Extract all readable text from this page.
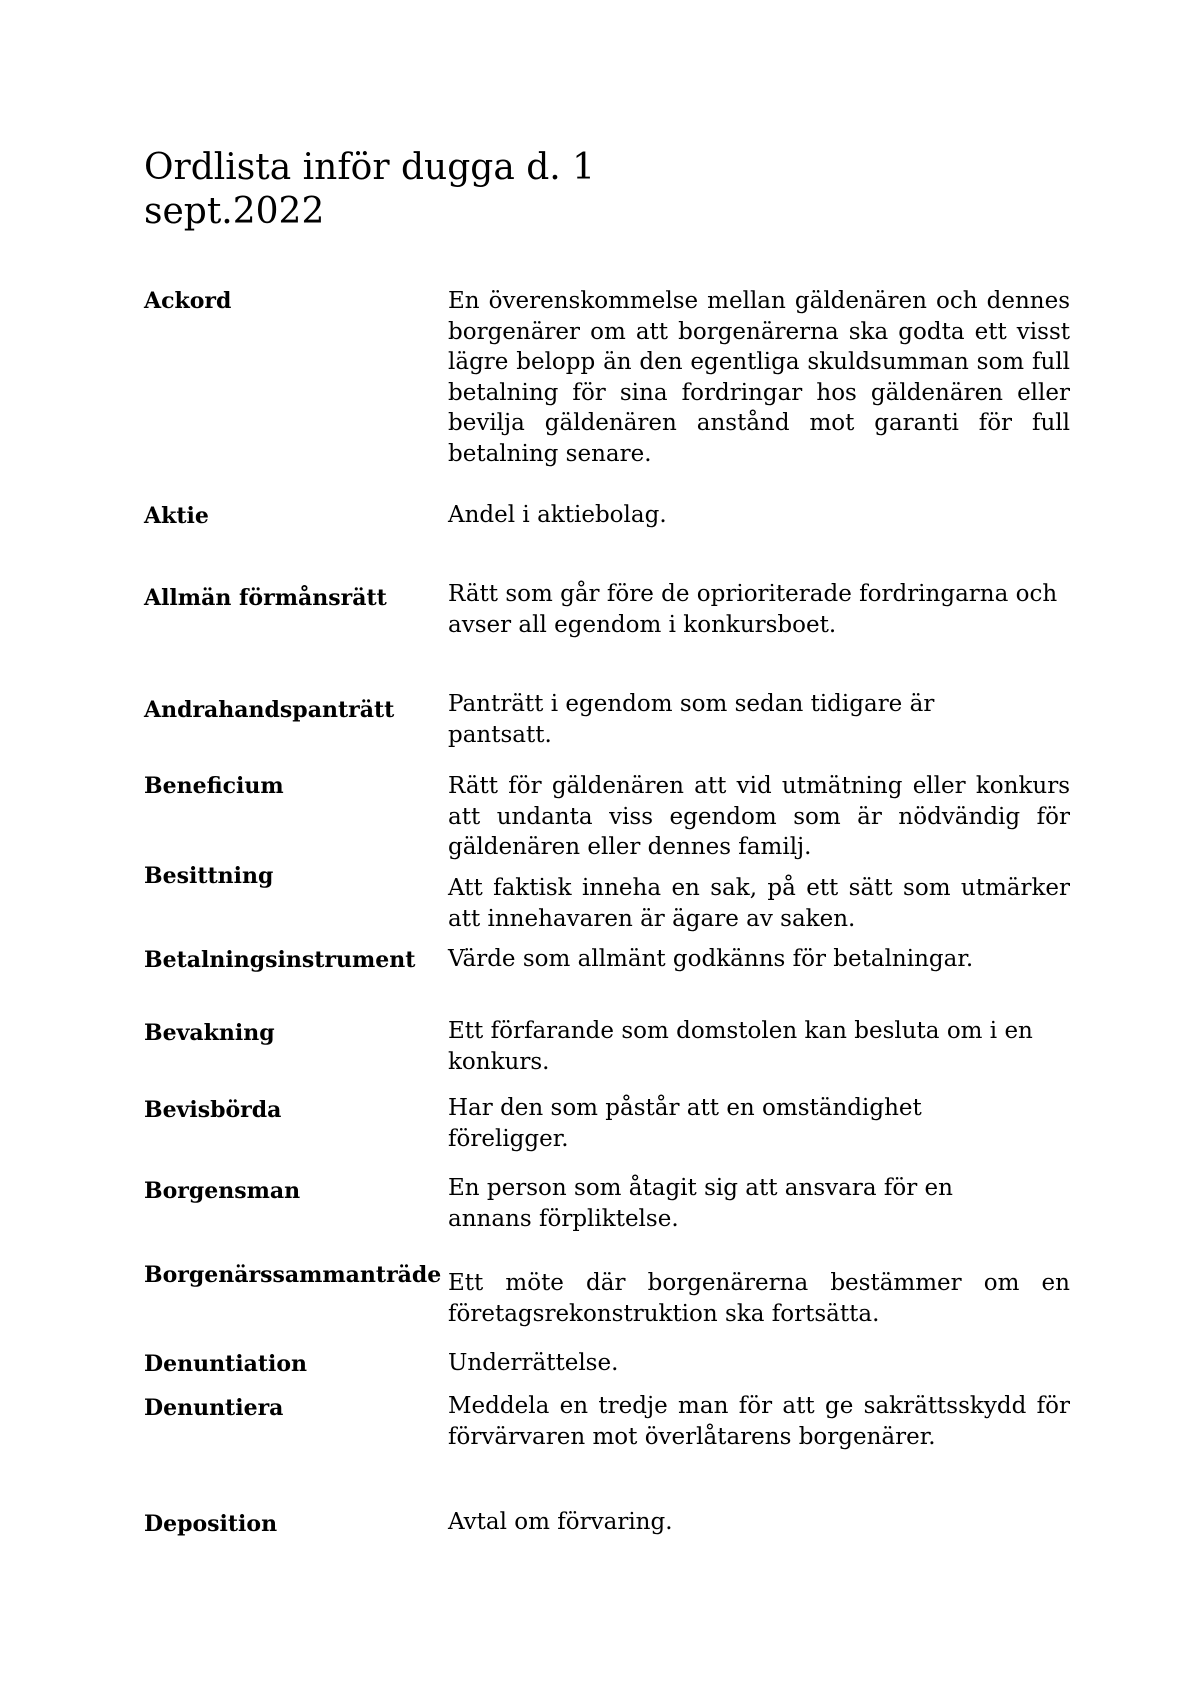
Ordlista inför dugga d. 1 sept.2022
Ackord	En överenskommelse mellan gäldenären och dennes borgenärer om att borgenärerna ska godta ett visst lägre belopp än den egentliga skuldsumman som full betalning för sina fordringar hos gäldenären eller bevilja gäldenären anstånd mot garanti för full betalning senare.
Aktie	Andel i aktiebolag.
Allmän förmånsrätt	Rätt som går före de oprioriterade fordringarna och avser all egendom i konkursboet.
Andrahandspanträtt	Panträtt i egendom som sedan tidigare är pantsatt.
Beneficium	Rätt för gäldenären att vid utmätning eller konkurs att undanta viss egendom som är nödvändig för gäldenären eller dennes familj.
Besittning	Att faktisk inneha en sak, på ett sätt som utmärker att innehavaren är ägare av saken.
Betalningsinstrument	Värde som allmänt godkänns för betalningar.
Bevakning	Ett förfarande som domstolen kan besluta om i en konkurs.
Bevisbörda	Har den som påstår att en omständighet föreligger.
Borgensman	En person som åtagit sig att ansvara för en annans förpliktelse.
Borgenärssammanträde Ett möte där borgenärerna bestämmer om en företagsrekonstruktion ska fortsätta.
Denuntiation	Underrättelse.
Denuntiera	Meddela en tredje man för att ge sakrättsskydd för förvärvaren mot överlåtarens borgenärer.
Deposition	Avtal om förvaring.
